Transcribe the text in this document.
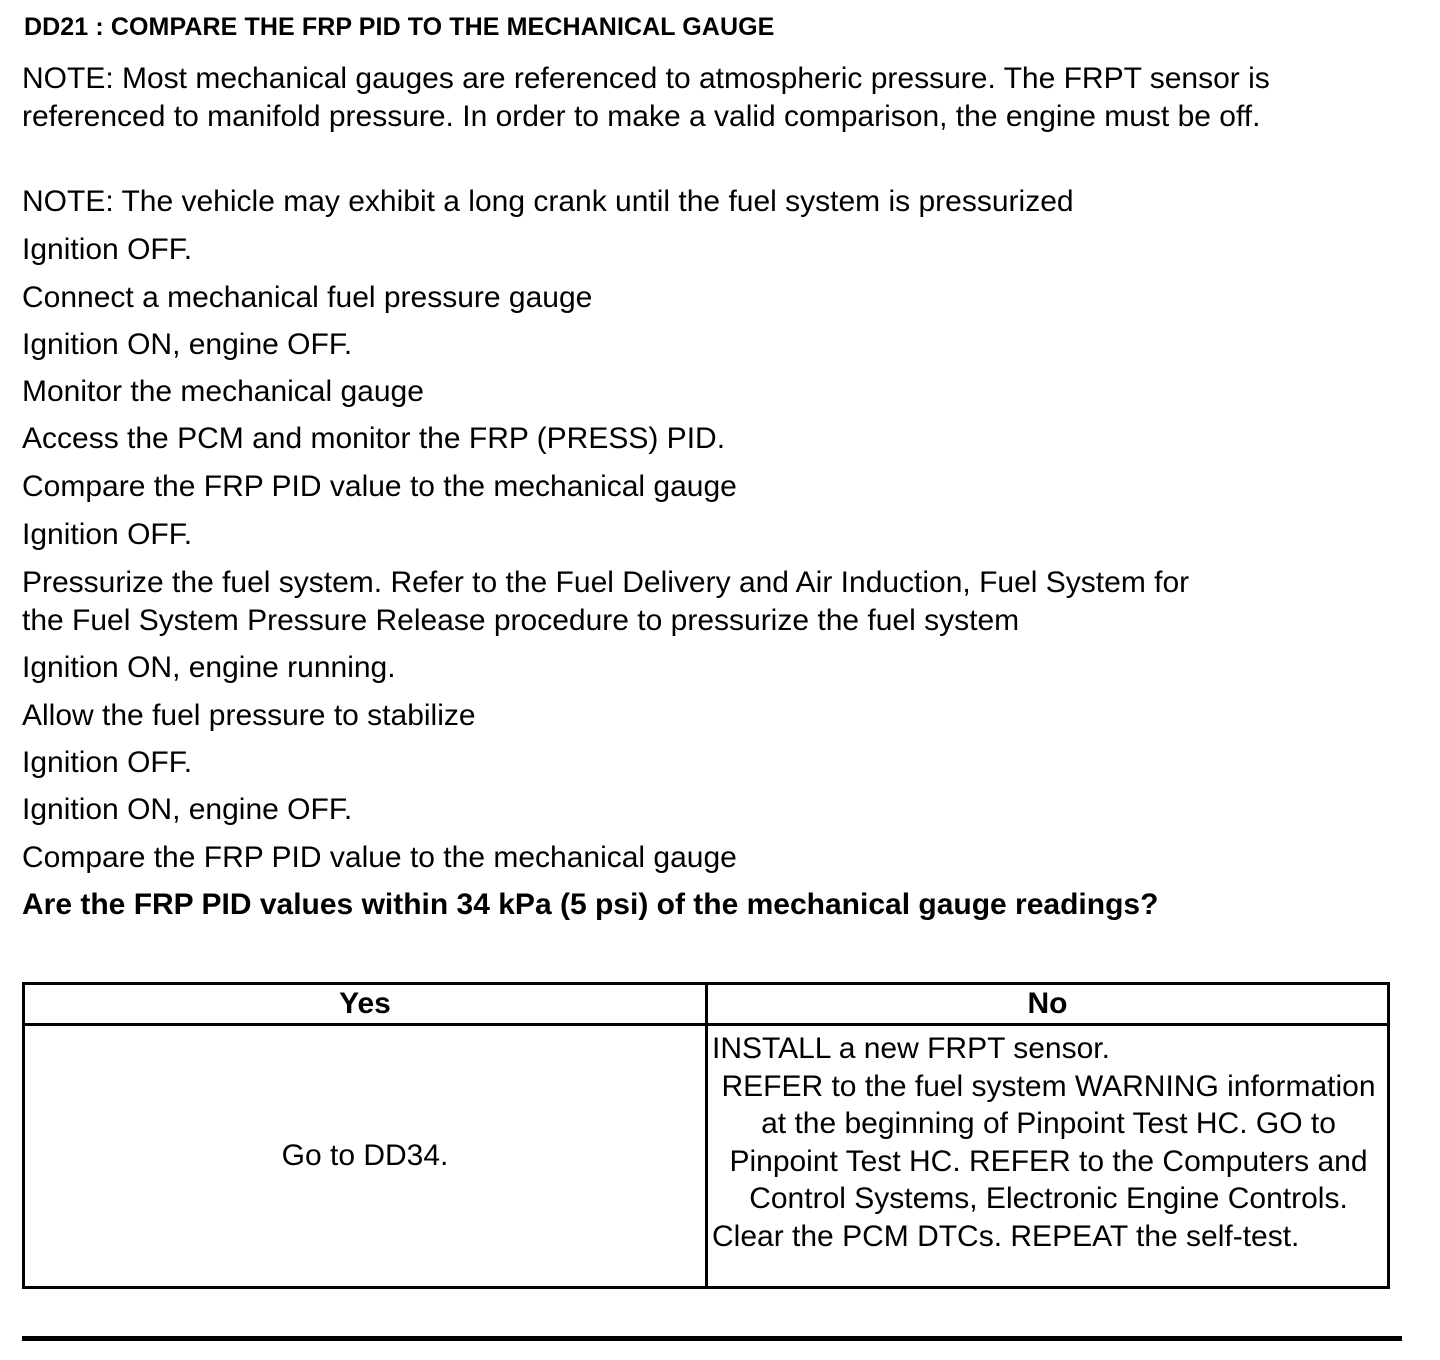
DD21 : COMPARE THE FRP PID TO THE MECHANICAL GAUGE
NOTE: Most mechanical gauges are referenced to atmospheric pressure. The FRPT sensor is referenced to manifold pressure. In order to make a valid comparison, the engine must be off.
NOTE: The vehicle may exhibit a long crank until the fuel system is pressurized
Ignition OFF.
Connect a mechanical fuel pressure gauge
Ignition ON, engine OFF.
Monitor the mechanical gauge
Access the PCM and monitor the FRP (PRESS) PID.
Compare the FRP PID value to the mechanical gauge
Ignition OFF.
Pressurize the fuel system. Refer to the Fuel Delivery and Air Induction, Fuel System for
the Fuel System Pressure Release procedure to pressurize the fuel system
Ignition ON, engine running.
Allow the fuel pressure to stabilize
Ignition OFF.
Ignition ON, engine OFF.
Compare the FRP PID value to the mechanical gauge
Are the FRP PID values within 34 kPa (5 psi) of the mechanical gauge readings?
Yes	No
Go to DD34.	INSTALL a new FRPT sensor.
REFER to the fuel system WARNING information at the beginning of Pinpoint Test HC. GO to Pinpoint Test HC. REFER to the Computers and Control Systems, Electronic Engine Controls.
Clear the PCM DTCs. REPEAT the self-test.
